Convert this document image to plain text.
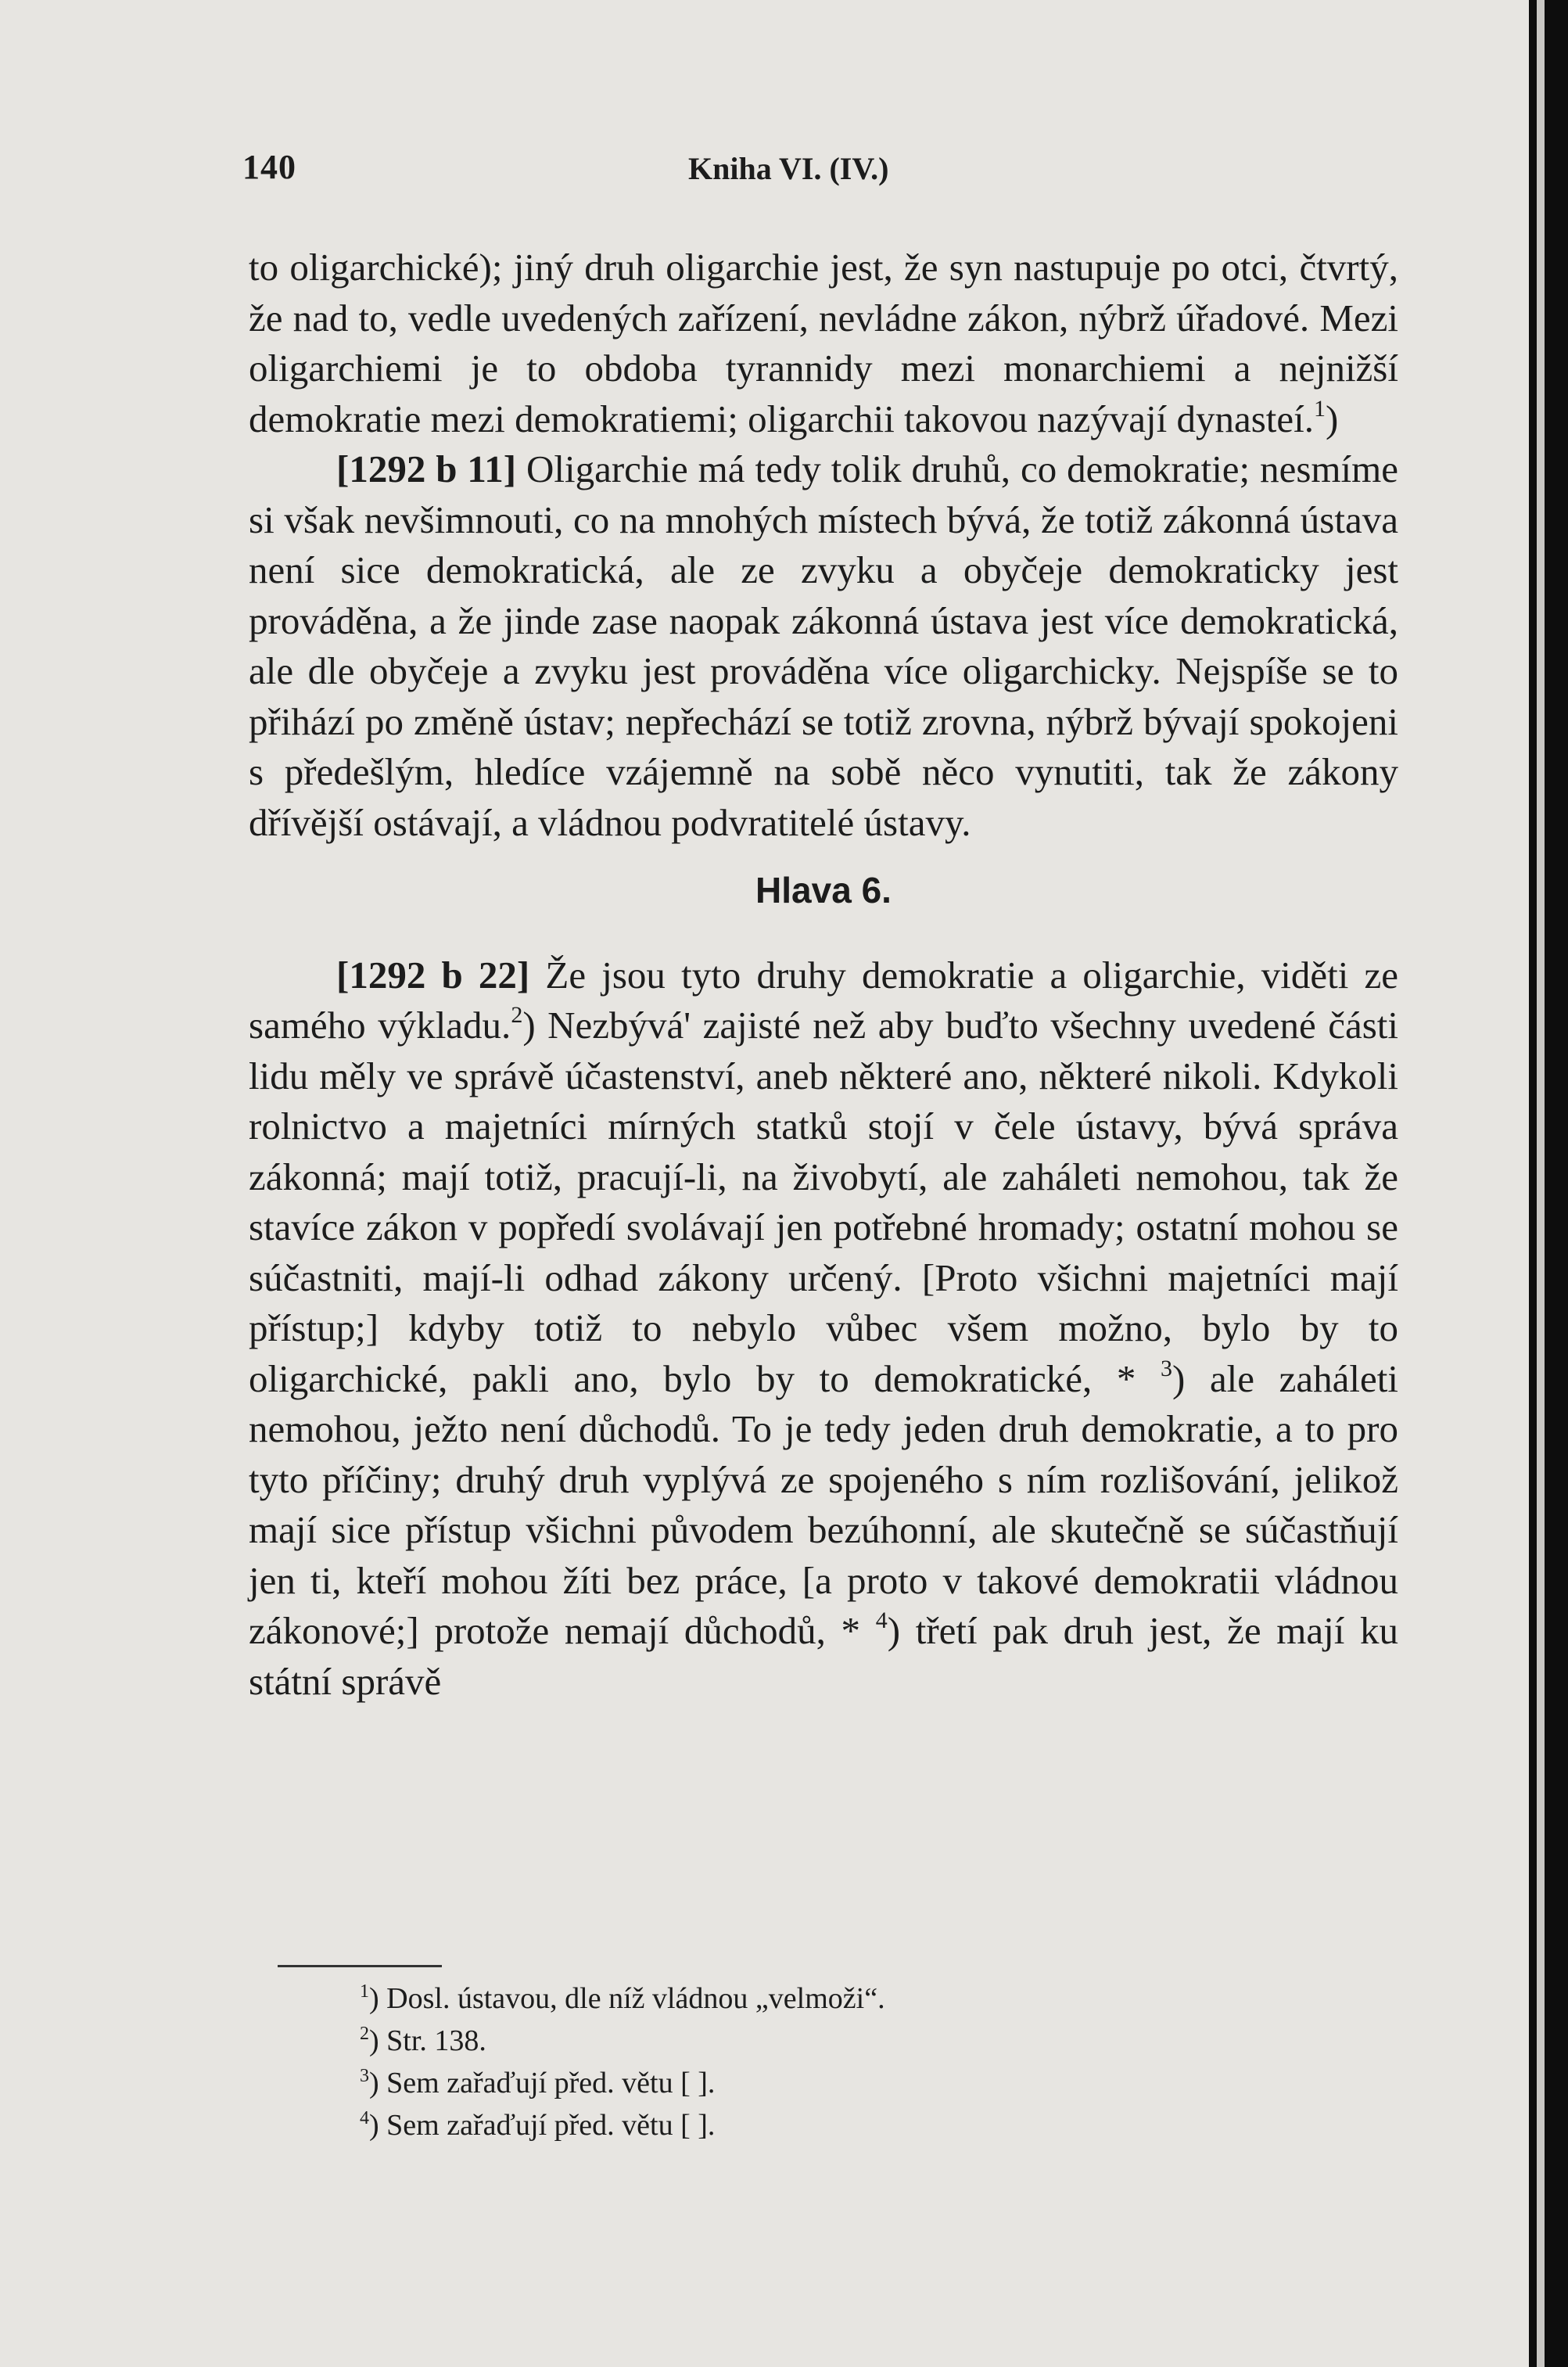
140	Kniha VI. (IV.)

to oligarchické); jiný druh oligarchie jest, že syn nastupuje po otci, čtvrtý, že nad to, vedle uvedených zařízení, nevládne zákon, nýbrž úřadové. Mezi oligarchiemi je to obdoba tyrannidy mezi monarchiemi a nejnižší demokratie mezi demokratiemi; oligarchii takovou nazývají dynasteí.$^1$)

[1292 b 11] Oligarchie má tedy tolik druhů, co demokratie; nesmíme si však nevšimnouti, co na mnohých místech bývá, že totiž zákonná ústava není sice demokratická, ale ze zvyku a obyčeje demokraticky jest prováděna, a že jinde zase naopak zákonná ústava jest více demokratická, ale dle obyčeje a zvyku jest prováděna více oligarchicky. Nejspíše se to přihází po změně ústav; nepřechází se totiž zrovna, nýbrž bývají spokojeni s předešlým, hledíce vzájemně na sobě něco vynutiti, tak že zákony dřívější ostávají, a vládnou podvratitelé ústavy.

Hlava 6.

[1292 b 22] Že jsou tyto druhy demokratie a oligarchie, viděti ze samého výkladu.$^2$) Nezbývá' zajisté než aby buďto všechny uvedené části lidu měly ve správě účastenství, aneb některé ano, některé nikoli. Kdykoli rolnictvo a majetníci mírných statků stojí v čele ústavy, bývá správa zákonná; mají totiž, pracují-li, na živobytí, ale zaháleti nemohou, tak že stavíce zákon v popředí svolávají jen potřebné hromady; ostatní mohou se súčastniti, mají-li odhad zákony určený. [Proto všichni majetníci mají přístup;] kdyby totiž to nebylo vůbec všem možno, bylo by to oligarchické, pakli ano, bylo by to demokratické, * $^3$) ale zaháleti nemohou, ježto není důchodů. To je tedy jeden druh demokratie, a to pro tyto příčiny; druhý druh vyplývá ze spojeného s ním rozlišování, jelikož mají sice přístup všichni původem bezúhonní, ale skutečně se súčastňují jen ti, kteří mohou žíti bez práce, [a proto v takové demokratii vládnou zákonové;] protože nemají důchodů, * $^4$) třetí pak druh jest, že mají ku státní správě

$^1$) Dosl. ústavou, dle níž vládnou „velmoži“.
$^2$) Str. 138.
$^3$) Sem zařaďují před. větu [ ].
$^4$) Sem zařaďují před. větu [ ].
